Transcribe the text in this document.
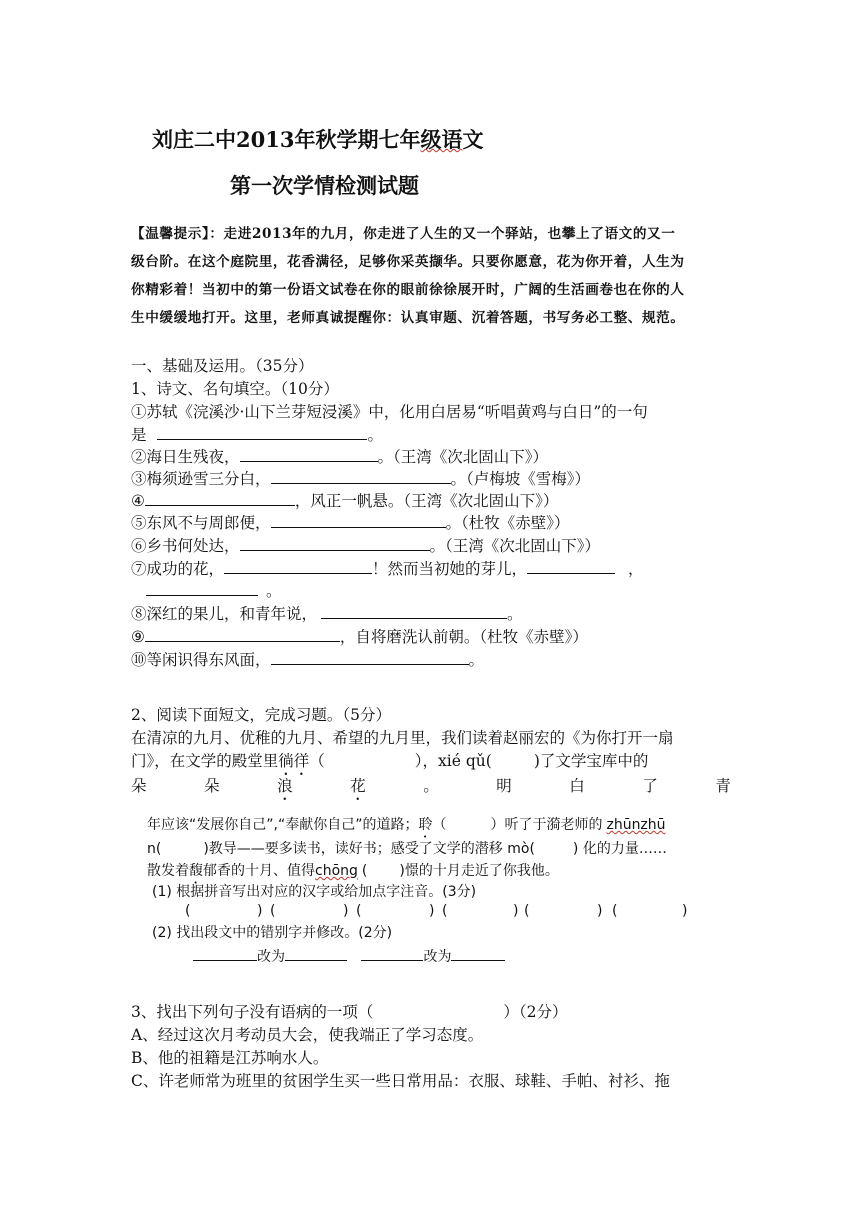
刘庄二中2013年秋学期七年级语文
第一次学情检测试题
【温馨提示】：走进2013年的九月，你走进了人生的又一个驿站，也攀上了语文的又一
级台阶。在这个庭院里，花香满径，足够你采英撷华。只要你愿意，花为你开着，人生为
你精彩着！当初中的第一份语文试卷在你的眼前徐徐展开时，广阔的生活画卷也在你的人
生中缓缓地打开。这里，老师真诚提醒你：认真审题、沉着答题，书写务必工整、规范。
一、基础及运用。（35分）
1、诗文、名句填空。（10分）
①苏轼《浣溪沙·山下兰芽短浸溪》中，化用白居易“听唱黄鸡与白日”的一句
是	。
②海日生残夜，	。（王湾《次北固山下》）
③梅须逊雪三分白，	。（卢梅坡《雪梅》）
④	，风正一帆悬。（王湾《次北固山下》）
⑤东风不与周郎便，	。（杜牧《赤壁》）
⑥乡书何处达，	。（王湾《次北固山下》）
⑦成功的花，	！然而当初她的芽儿，	，
。
⑧深红的果儿，和青年说，	。
⑨	，自将磨洗认前朝。（杜牧《赤壁》）
⑩等闲识得东风面，	。
2、阅读下面短文，完成习题。（5分）
在清凉的九月、优稚的九月、希望的九月里，我们读着赵丽宏的《为你打开一扇
门》，在文学的殿堂里徜徉（	），xié qǔ(	)了文学宝库中的
朵	朵	浪	花	。	明	白	了	青
年应该“发展你自己”,“奉献你自己”的道路；聆（	）听了于漪老师的 zhūnzhū
n(	)教导——要多读书，读好书；感受了文学的潜移 mò(	) 化的力量……
散发着馥郁香的十月、值得chōng ( )憬的十月走近了你我他。
(1) 根据拼音写出对应的汉字或给加点字注音。(3分)
(	) (	) (	) (	) (	) (	)
(2) 找出段文中的错别字并修改。(2分)
改为	改为
3、找出下列句子没有语病的一项（	）（2分）
A、经过这次月考动员大会，使我端正了学习态度。
B、他的祖籍是江苏响水人。
C、许老师常为班里的贫困学生买一些日常用品：衣服、球鞋、手帕、衬衫、拖
